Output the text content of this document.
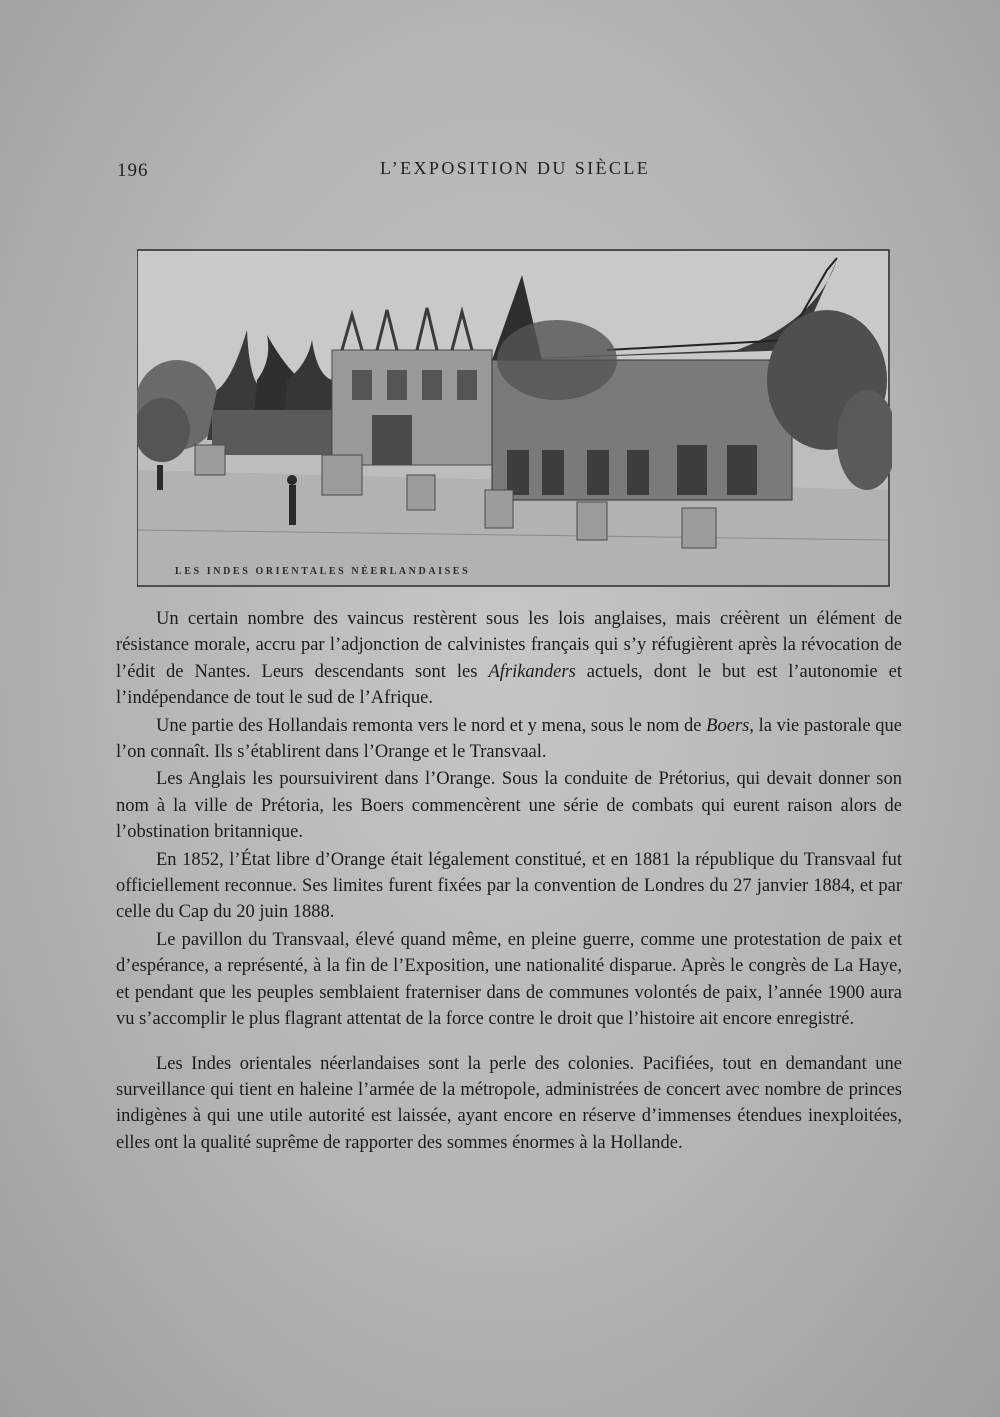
196	L’EXPOSITION DU SIÈCLE
LES INDES ORIENTALES NÉERLANDAISES

Un certain nombre des vaincus restèrent sous les lois anglaises, mais créèrent un élément de résistance morale, accru par l’adjonction de calvinistes français qui s’y réfugièrent après la révocation de l’édit de Nantes. Leurs descendants sont les Afrikanders actuels, dont le but est l’autonomie et l’indépendance de tout le sud de l’Afrique.

Une partie des Hollandais remonta vers le nord et y mena, sous le nom de Boers, la vie pastorale que l’on connaît. Ils s’établirent dans l’Orange et le Transvaal.

Les Anglais les poursuivirent dans l’Orange. Sous la conduite de Prétorius, qui devait donner son nom à la ville de Prétoria, les Boers commencèrent une série de combats qui eurent raison alors de l’obstination britannique.

En 1852, l’État libre d’Orange était légalement constitué, et en 1881 la république du Transvaal fut officiellement reconnue. Ses limites furent fixées par la convention de Londres du 27 janvier 1884, et par celle du Cap du 20 juin 1888.

Le pavillon du Transvaal, élevé quand même, en pleine guerre, comme une protestation de paix et d’espérance, a représenté, à la fin de l’Exposition, une nationalité disparue. Après le congrès de La Haye, et pendant que les peuples semblaient fraterniser dans de communes volontés de paix, l’année 1900 aura vu s’accomplir le plus flagrant attentat de la force contre le droit que l’histoire ait encore enregistré.

Les Indes orientales néerlandaises sont la perle des colonies. Pacifiées, tout en demandant une surveillance qui tient en haleine l’armée de la métropole, administrées de concert avec nombre de princes indigènes à qui une utile autorité est laissée, ayant encore en réserve d’immenses étendues inexploitées, elles ont la qualité suprême de rapporter des sommes énormes à la Hollande.
